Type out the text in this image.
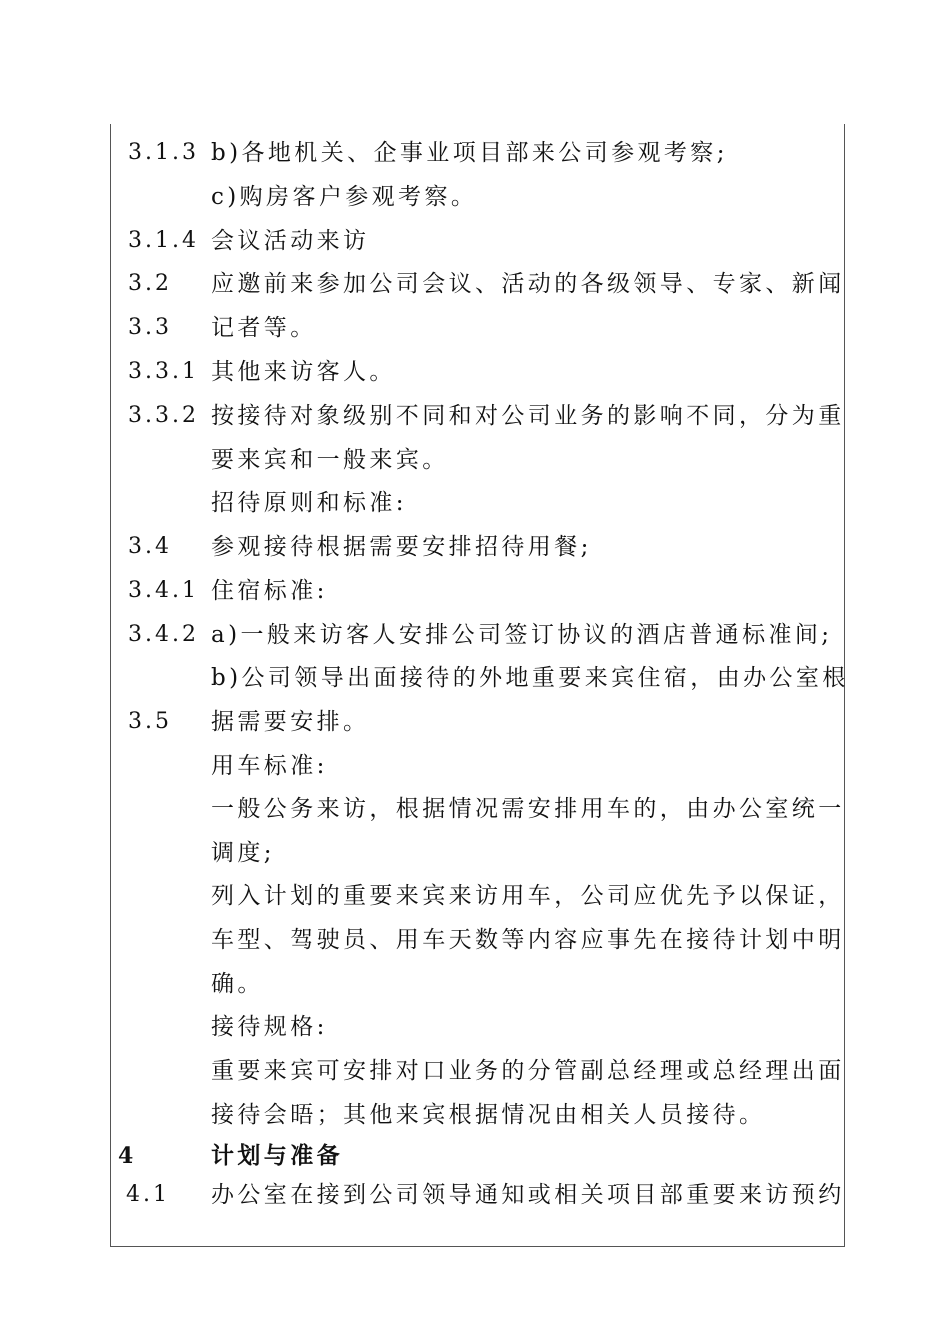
3.1.3 b)各地机关、企事业项目部来公司参观考察;
c)购房客户参观考察。
3.1.4 会议活动来访
3.2 应邀前来参加公司会议、活动的各级领导、专家、新闻
3.3 记者等。
3.3.1 其他来访客人。
3.3.2 按接待对象级别不同和对公司业务的影响不同，分为重
要来宾和一般来宾。
招待原则和标准:
3.4 参观接待根据需要安排招待用餐;
3.4.1 住宿标准:
3.4.2 a)一般来访客人安排公司签订协议的酒店普通标准间;
b)公司领导出面接待的外地重要来宾住宿，由办公室根
3.5 据需要安排。
用车标准:
一般公务来访，根据情况需安排用车的，由办公室统一
调度;
列入计划的重要来宾来访用车，公司应优先予以保证，
车型、驾驶员、用车天数等内容应事先在接待计划中明
确。
接待规格:
重要来宾可安排对口业务的分管副总经理或总经理出面
接待会晤；其他来宾根据情况由相关人员接待。
4	计划与准备
4.1 办公室在接到公司领导通知或相关项目部重要来访预约
